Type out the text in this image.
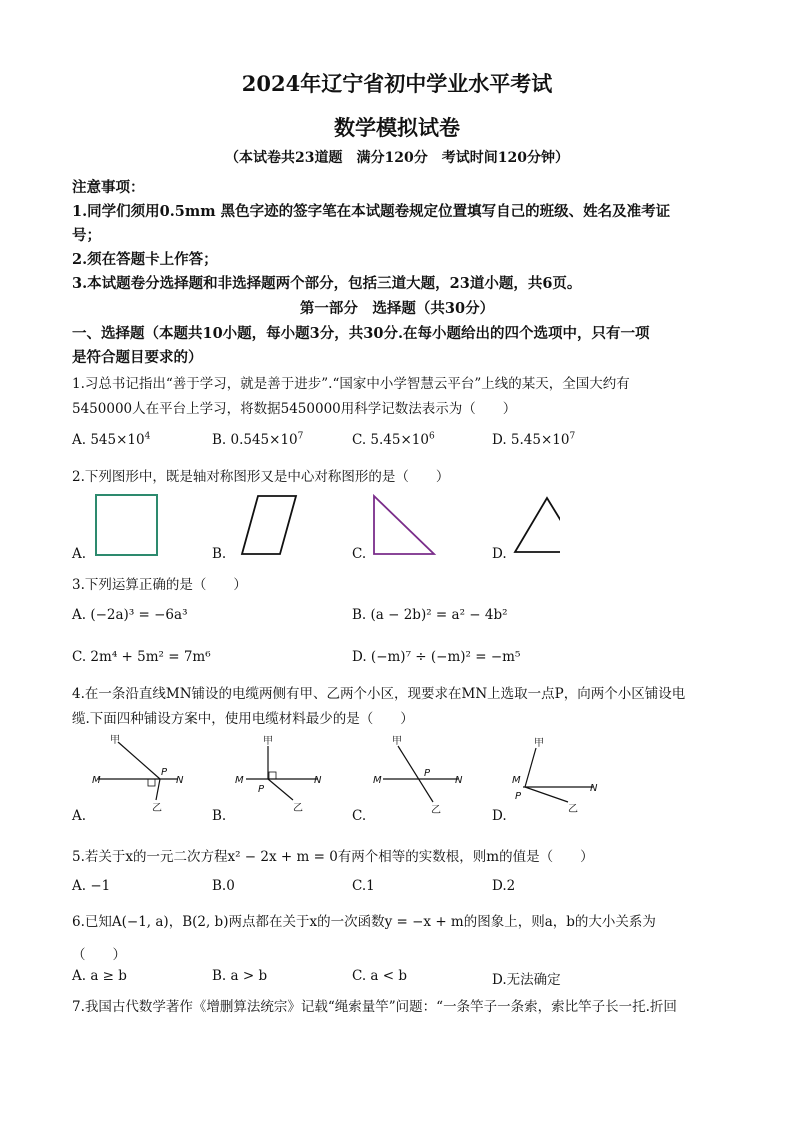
2024年辽宁省初中学业水平考试
数学模拟试卷
（本试卷共23道题　满分120分　考试时间120分钟）
注意事项：
1.同学们须用0.5mm 黑色字迹的签字笔在本试题卷规定位置填写自己的班级、姓名及准考证
号；
2.须在答题卡上作答；
3.本试题卷分选择题和非选择题两个部分，包括三道大题，23道小题，共6页。
第一部分　选择题（共30分）
一、选择题（本题共10小题，每小题3分，共30分.在每小题给出的四个选项中，只有一项
是符合题目要求的）
1.习总书记指出“善于学习，就是善于进步”.“国家中小学智慧云平台”上线的某天，全国大约有
5450000人在平台上学习，将数据5450000用科学记数法表示为（　　）
A. $545\times 10^4$	B. $0.545\times 10^7$	C. $5.45\times 10^6$	D. $5.45\times 10^7$
2.下列图形中，既是轴对称图形又是中心对称图形的是（　　）
A.	B.	C.	D.
3.下列运算正确的是（　　）
A. (−2a)³ = −6a³	B. (a − 2b)² = a² − 4b²
C. 2m⁴ + 5m² = 7m⁶	D. (−m)⁷ ÷ (−m)² = −m⁵
4.在一条沿直线MN铺设的电缆两侧有甲、乙两个小区，现要求在MN上选取一点P，向两个小区铺设电
缆.下面四种铺设方案中，使用电缆材料最少的是（　　）
甲
M
P
N
乙
甲
M
P
N
乙
甲
M
P
N
乙
甲
M
P
N
乙
A.	B.	C.	D.
5.若关于x的一元二次方程x² − 2x + m = 0有两个相等的实数根，则m的值是（　　）
A. −1	B.0	C.1	D.2
6.已知A(−1, a)，B(2, b)两点都在关于x的一次函数y = −x + m的图象上，则a，b的大小关系为
（　　）
A. a ≥ b	B. a > b	C. a < b	D.无法确定
7.我国古代数学著作《增删算法统宗》记载“绳索量竿”问题：“一条竿子一条索，索比竿子长一托.折回
